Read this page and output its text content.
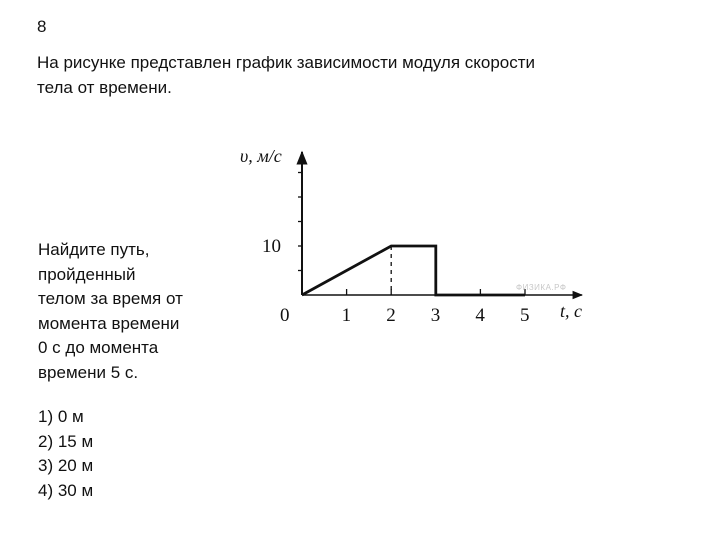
8
На рисунке представлен график зависимости модуля скорости
тела от времени.
Найдите путь,
пройденный
телом за время от
момента времени
0 с до момента
времени 5 с.
1) 0 м
2) 15 м
3) 20 м
4) 30 м
1 2 3 4 5
10
0
υ, м/с
t, с
ФИЗИКА.РФ
